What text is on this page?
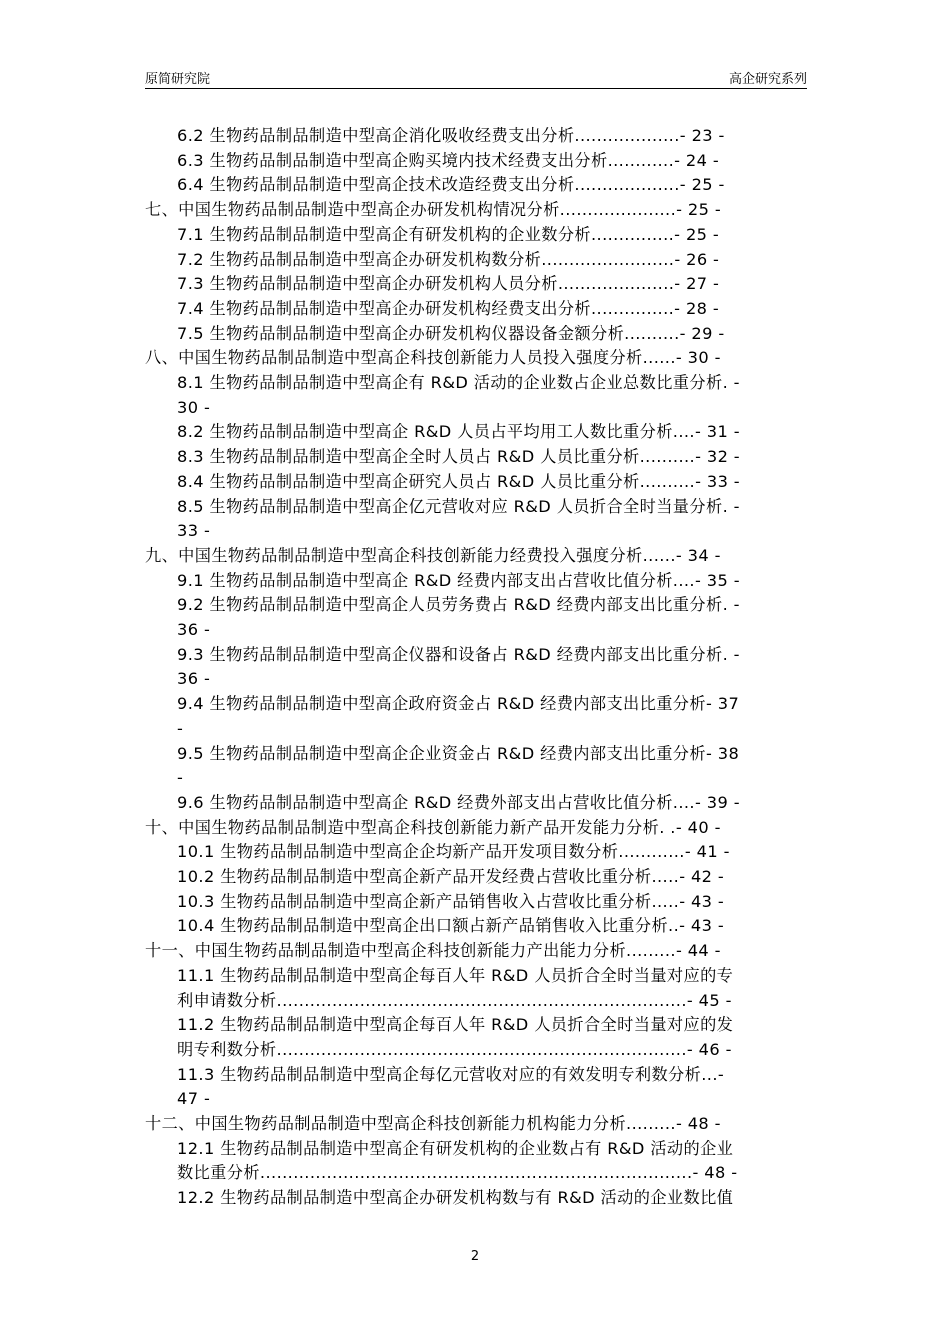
原简研究院	高企研究系列
6.2 生物药品制品制造中型高企消化吸收经费支出分析...................- 23 -
6.3 生物药品制品制造中型高企购买境内技术经费支出分析............- 24 -
6.4 生物药品制品制造中型高企技术改造经费支出分析...................- 25 -
七、中国生物药品制品制造中型高企办研发机构情况分析.....................- 25 -
7.1 生物药品制品制造中型高企有研发机构的企业数分析...............- 25 -
7.2 生物药品制品制造中型高企办研发机构数分析........................- 26 -
7.3 生物药品制品制造中型高企办研发机构人员分析.....................- 27 -
7.4 生物药品制品制造中型高企办研发机构经费支出分析...............- 28 -
7.5 生物药品制品制造中型高企办研发机构仪器设备金额分析..........- 29 -
八、中国生物药品制品制造中型高企科技创新能力人员投入强度分析......- 30 -
8.1 生物药品制品制造中型高企有 R&D 活动的企业数占企业总数比重分析. -
30 -
8.2 生物药品制品制造中型高企 R&D 人员占平均用工人数比重分析....- 31 -
8.3 生物药品制品制造中型高企全时人员占 R&D 人员比重分析..........- 32 -
8.4 生物药品制品制造中型高企研究人员占 R&D 人员比重分析..........- 33 -
8.5 生物药品制品制造中型高企亿元营收对应 R&D 人员折合全时当量分析. -
33 -
九、中国生物药品制品制造中型高企科技创新能力经费投入强度分析......- 34 -
9.1 生物药品制品制造中型高企 R&D 经费内部支出占营收比值分析....- 35 -
9.2 生物药品制品制造中型高企人员劳务费占 R&D 经费内部支出比重分析. -
36 -
9.3 生物药品制品制造中型高企仪器和设备占 R&D 经费内部支出比重分析. -
36 -
9.4 生物药品制品制造中型高企政府资金占 R&D 经费内部支出比重分析- 37
-
9.5 生物药品制品制造中型高企企业资金占 R&D 经费内部支出比重分析- 38
-
9.6 生物药品制品制造中型高企 R&D 经费外部支出占营收比值分析....- 39 -
十、中国生物药品制品制造中型高企科技创新能力新产品开发能力分析. .- 40 -
10.1 生物药品制品制造中型高企企均新产品开发项目数分析............- 41 -
10.2 生物药品制品制造中型高企新产品开发经费占营收比重分析.....- 42 -
10.3 生物药品制品制造中型高企新产品销售收入占营收比重分析.....- 43 -
10.4 生物药品制品制造中型高企出口额占新产品销售收入比重分析..- 43 -
十一、中国生物药品制品制造中型高企科技创新能力产出能力分析.........- 44 -
11.1 生物药品制品制造中型高企每百人年 R&D 人员折合全时当量对应的专
利申请数分析..........................................................................- 45 -
11.2 生物药品制品制造中型高企每百人年 R&D 人员折合全时当量对应的发
明专利数分析..........................................................................- 46 -
11.3 生物药品制品制造中型高企每亿元营收对应的有效发明专利数分析...-
47 -
十二、中国生物药品制品制造中型高企科技创新能力机构能力分析.........- 48 -
12.1 生物药品制品制造中型高企有研发机构的企业数占有 R&D 活动的企业
数比重分析..............................................................................- 48 -
12.2 生物药品制品制造中型高企办研发机构数与有 R&D 活动的企业数比值
2
